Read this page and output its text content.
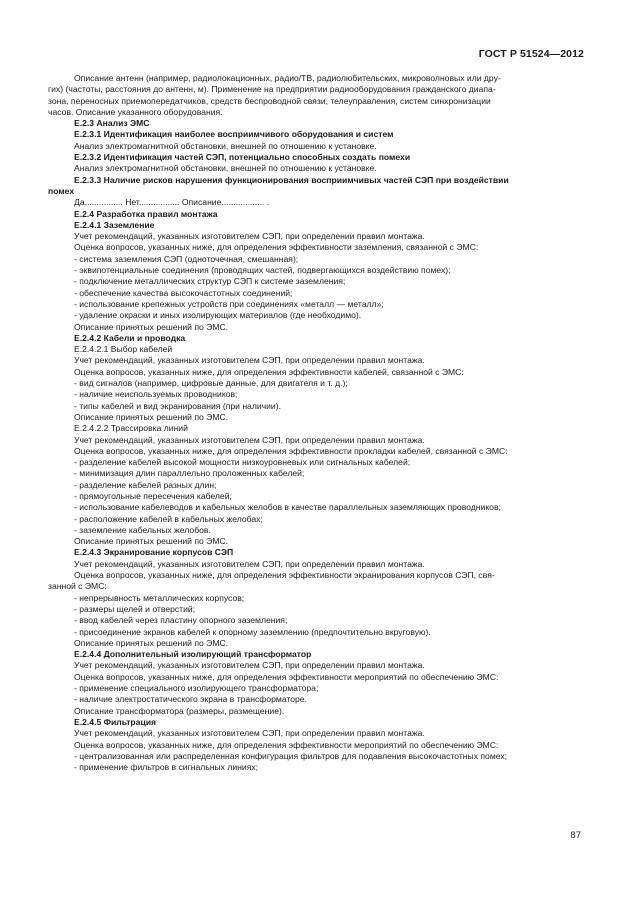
ГОСТ Р 51524—2012

Описание антенн (например, радиолокационных, радио/ТВ, радиолюбительских, микроволновых или дру-

гих) (частоты, расстояния до антенн, м). Применение на предприятии радиооборудования гражданского диапа-

зона, переносных приемопередатчиков, средств беспроводной связи, телеуправления, систем синхронизации

часов. Описание указанного оборудования.

Е.2.3 Анализ ЭМС

Е.2.3.1 Идентификация наиболее восприимчивого оборудования и систем

Анализ электромагнитной обстановки, внешней по отношению к установке.

Е.2.3.2 Идентификация частей СЭП, потенциально способных создать помехи

Анализ электромагнитной обстановки, внешней по отношению к установке.

Е.2.3.3 Наличие рисков нарушения функционирования восприимчивых частей СЭП при воздействии

помех

Да................ Нет................. Описание.................. .

Е.2.4 Разработка правил монтажа

Е.2.4.1 Заземление

Учет рекомендаций, указанных изготовителем СЭП, при определении правил монтажа.

Оценка вопросов, указанных ниже, для определения эффективности заземления, связанной с ЭМС:

- система заземления СЭП (одноточечная, смешанная);

- эквипотенциальные соединения (проводящих частей, подвергающихся воздействию помех);

- подключение металлических структур СЭП к системе заземления;

- обеспечение качества высокочастотных соединений;

- использование крепежных устройств при соединениях «металл — металл»;

- удаление окраски и иных изолирующих материалов (где необходимо).

Описание принятых решений по ЭМС.

Е.2.4.2 Кабели и проводка

Е.2.4.2.1 Выбор кабелей

Учет рекомендаций, указанных изготовителем СЭП, при определении правил монтажа.

Оценка вопросов, указанных ниже, для определения эффективности кабелей, связанной с ЭМС:

- вид сигналов (например, цифровые данные, для двигателя и т. д.);

- наличие неиспользуемых проводников;

- типы кабелей и вид экранирования (при наличии).

Описание принятых решений по ЭМС.

Е.2.4.2.2 Трассировка линий

Учет рекомендаций, указанных изготовителем СЭП, при определении правил монтажа.

Оценка вопросов, указанных ниже, для определения эффективности прокладки кабелей, связанной с ЭМС:

- разделение кабелей высокой мощности низкоуровневых или сигнальных кабелей;

- минимизация длин параллельно проложенных кабелей;

- разделение кабелей разных длин;

- прямоугольные пересечения кабелей;

- использование кабелеводов и кабельных желобов в качестве параллельных заземляющих проводников;

- расположение кабелей в кабельных желобах;

- заземление кабельных желобов.

Описание принятых решений по ЭМС.

Е.2.4.3 Экранирование корпусов СЭП

Учет рекомендаций, указанных изготовителем СЭП, при определении правил монтажа.

Оценка вопросов, указанных ниже, для определения эффективности экранирования корпусов СЭП, свя-

занной с ЭМС:

- непрерывность металлических корпусов;

- размеры щелей и отверстий;

- ввод кабелей через пластину опорного заземления;

- присоединение экранов кабелей к опорному заземлению (предпочтительно вкруговую).

Описание принятых решений по ЭМС.

Е.2.4.4 Дополнительный изолирующий трансформатор

Учет рекомендаций, указанных изготовителем СЭП, при определении правил монтажа.

Оценка вопросов, указанных ниже, для определения эффективности мероприятий по обеспечению ЭМС:

- применение специального изолирующего трансформатора;

- наличие электростатического экрана в трансформаторе.

Описание трансформатора (размеры, размещение).

Е.2.4.5 Фильтрация

Учет рекомендаций, указанных изготовителем СЭП, при определении правил монтажа.

Оценка вопросов, указанных ниже, для определения эффективности мероприятий по обеспечению ЭМС:

- централизованная или распределенная конфигурация фильтров для подавления высокочастотных помех;

- применение фильтров в сигнальных линиях;

87
